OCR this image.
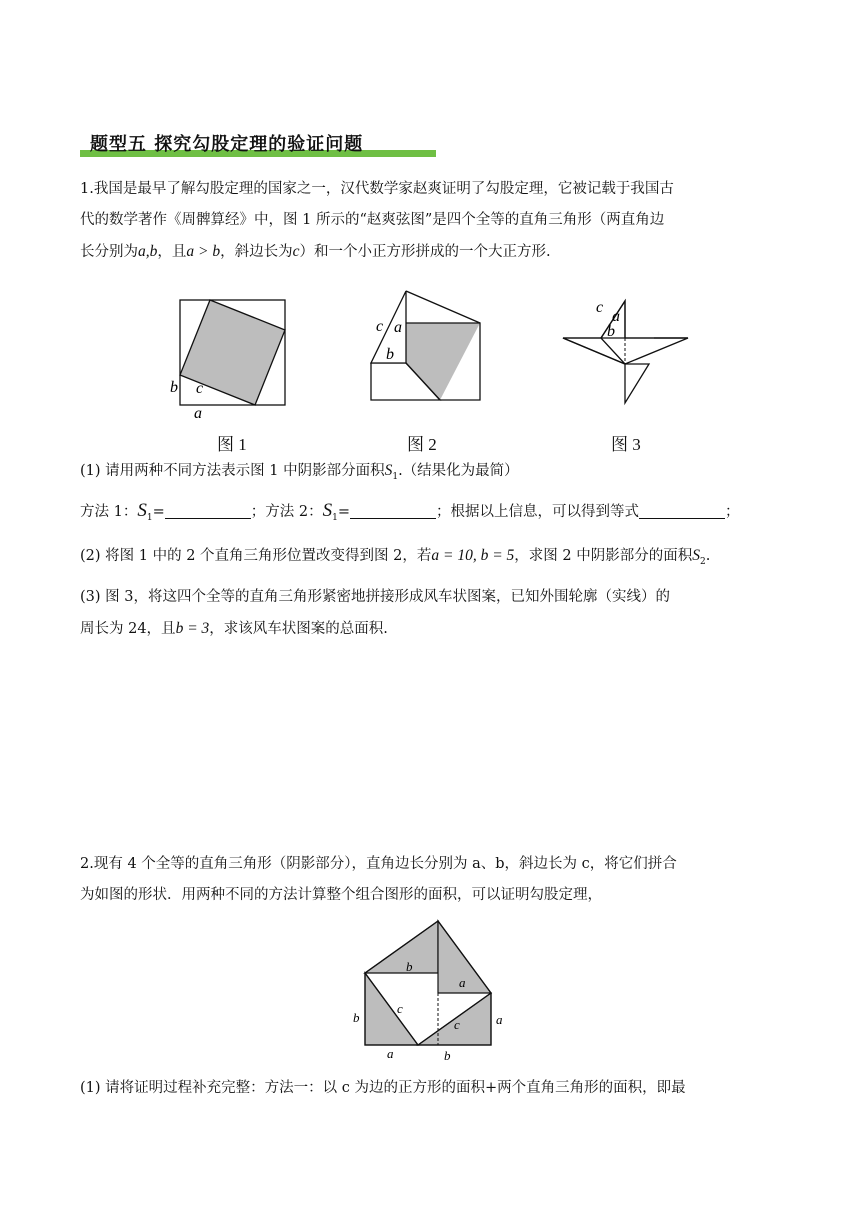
题型五 探究勾股定理的验证问题
1.我国是最早了解勾股定理的国家之一，汉代数学家赵爽证明了勾股定理，它被记载于我国古
代的数学著作《周髀算经》中，图 1 所示的“赵爽弦图”是四个全等的直角三角形（两直角边
长分别为a,b，且a > b，斜边长为c）和一个小正方形拼成的一个大正方形.
b c
a
图 1
c a
b
图 2
c
a
b
图 3
(1) 请用两种不同方法表示图 1 中阴影部分面积$S_1$.（结果化为最简）
方法 1：$S_1=$	；方法 2：$S_1=$	；根据以上信息，可以得到等式	；
(2) 将图 1 中的 2 个直角三角形位置改变得到图 2，若a = 10, b = 5，求图 2 中阴影部分的面积$S_2$.
(3) 图 3，将这四个全等的直角三角形紧密地拼接形成风车状图案，已知外围轮廓（实线）的
周长为 24，且b = 3，求该风车状图案的总面积.
2.现有 4 个全等的直角三角形（阴影部分），直角边长分别为 a、b，斜边长为 c，将它们拼合
为如图的形状．用两种不同的方法计算整个组合图形的面积，可以证明勾股定理，
b
a
c
c
b	a
a	b
(1) 请将证明过程补充完整：方法一：以 c 为边的正方形的面积+两个直角三角形的面积，即最
